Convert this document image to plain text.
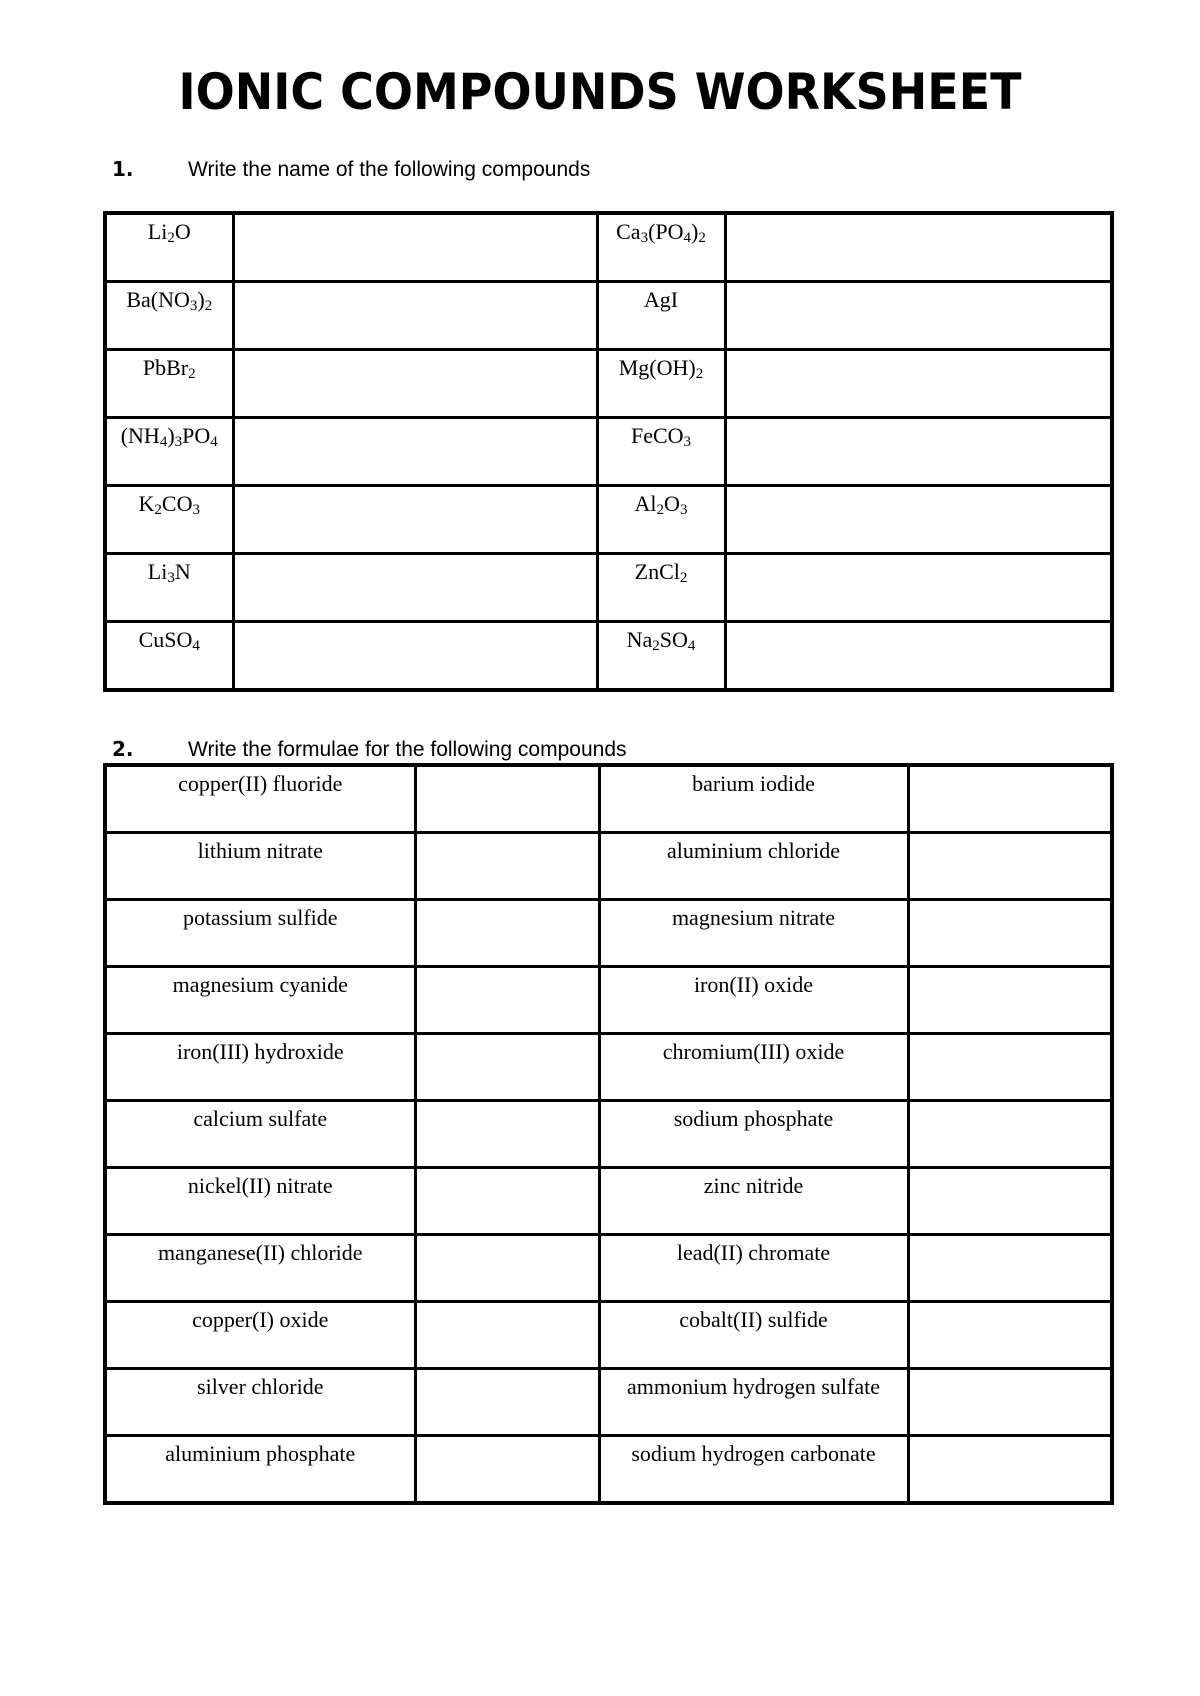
IONIC COMPOUNDS WORKSHEET
1.	Write the name of the following compounds
$Li_2O$		$Ca_3(PO_4)_2$

$Ba(NO_3)_2$		AgI	

PbBr$_2$		$Mg(OH)_2$

$(NH_4)_3PO_4$		FeCO$_3$

$K_2CO_3$		$Al_2O_3$

$Li_3N$		ZnCl$_2$

CuSO$_4$		$Na_2SO_4$

2.	Write the formulae for the following compounds
copper(II) fluoride		barium iodide	

lithium nitrate		aluminium chloride	

potassium sulfide		magnesium nitrate	

magnesium cyanide		iron(II) oxide	

iron(III) hydroxide		chromium(III) oxide	

calcium sulfate		sodium phosphate	

nickel(II) nitrate		zinc nitride	

manganese(II) chloride		lead(II) chromate	

copper(I) oxide		cobalt(II) sulfide	

silver chloride		ammonium hydrogen sulfate	

aluminium phosphate		sodium hydrogen carbonate	
